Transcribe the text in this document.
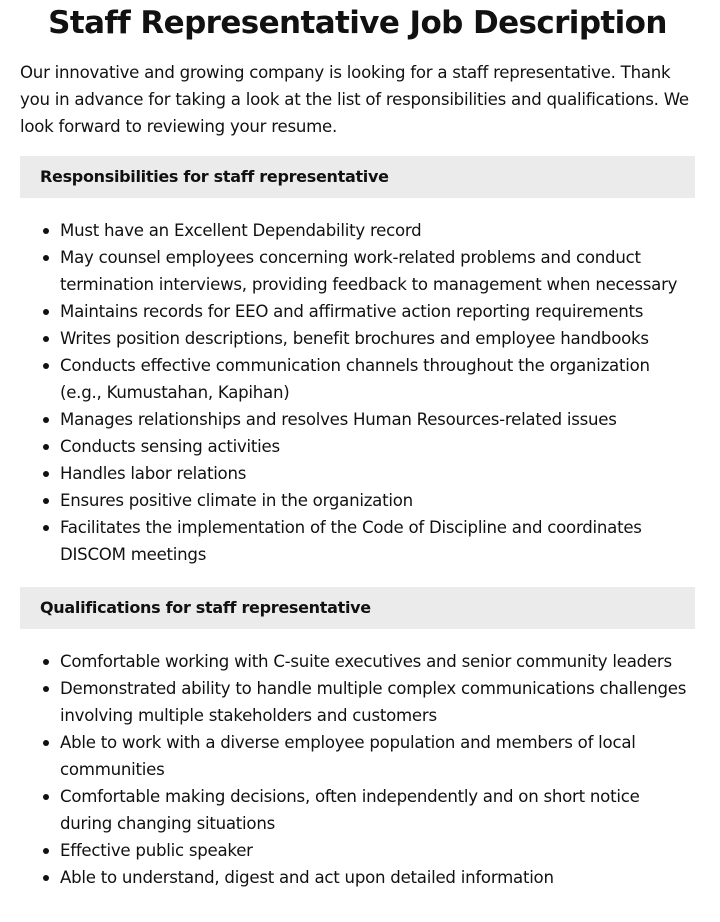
Staff Representative Job Description

Our innovative and growing company is looking for a staff representative. Thank you in advance for taking a look at the list of responsibilities and qualifications. We look forward to reviewing your resume.

Responsibilities for staff representative
Must have an Excellent Dependability record
May counsel employees concerning work-related problems and conduct termination interviews, providing feedback to management when necessary
Maintains records for EEO and affirmative action reporting requirements
Writes position descriptions, benefit brochures and employee handbooks
Conducts effective communication channels throughout the organization (e.g., Kumustahan, Kapihan)
Manages relationships and resolves Human Resources-related issues
Conducts sensing activities
Handles labor relations
Ensures positive climate in the organization
Facilitates the implementation of the Code of Discipline and coordinates DISCOM meetings
Qualifications for staff representative
Comfortable working with C-suite executives and senior community leaders
Demonstrated ability to handle multiple complex communications challenges involving multiple stakeholders and customers
Able to work with a diverse employee population and members of local communities
Comfortable making decisions, often independently and on short notice during changing situations
Effective public speaker
Able to understand, digest and act upon detailed information
